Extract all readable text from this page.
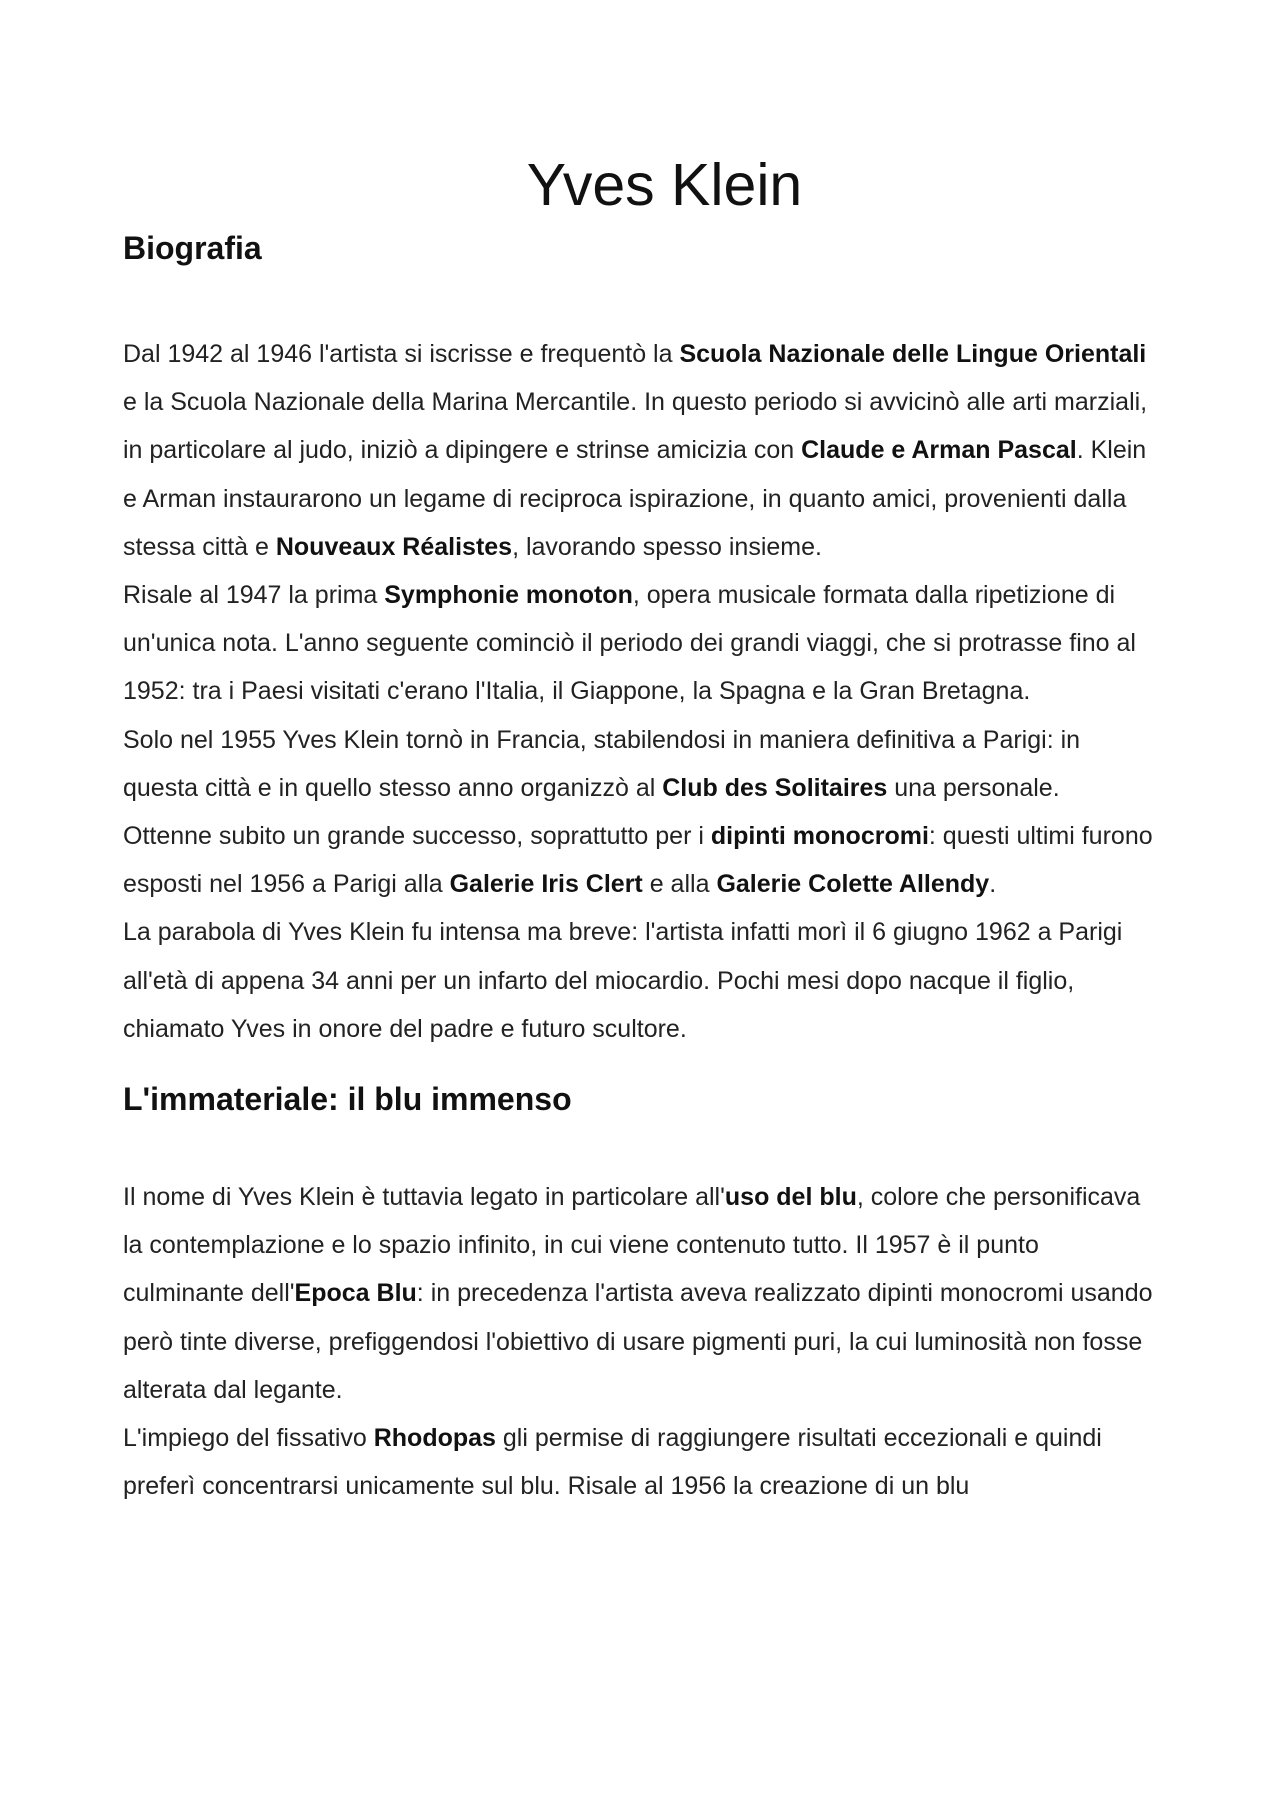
Yves Klein
Biografia

Dal 1942 al 1946 l'artista si iscrisse e frequentò la Scuola Nazionale delle Lingue Orientali e la Scuola Nazionale della Marina Mercantile. In questo periodo si avvicinò alle arti marziali, in particolare al judo, iniziò a dipingere e strinse amicizia con Claude e Arman Pascal. Klein e Arman instaurarono un legame di reciproca ispirazione, in quanto amici, provenienti dalla stessa città e Nouveaux Réalistes, lavorando spesso insieme.

Risale al 1947 la prima Symphonie monoton, opera musicale formata dalla ripetizione di un'unica nota. L'anno seguente cominciò il periodo dei grandi viaggi, che si protrasse fino al 1952: tra i Paesi visitati c'erano l'Italia, il Giappone, la Spagna e la Gran Bretagna.

Solo nel 1955 Yves Klein tornò in Francia, stabilendosi in maniera definitiva a Parigi: in questa città e in quello stesso anno organizzò al Club des Solitaires una personale.

Ottenne subito un grande successo, soprattutto per i dipinti monocromi: questi ultimi furono esposti nel 1956 a Parigi alla Galerie Iris Clert e alla Galerie Colette Allendy.

La parabola di Yves Klein fu intensa ma breve: l'artista infatti morì il 6 giugno 1962 a Parigi all'età di appena 34 anni per un infarto del miocardio. Pochi mesi dopo nacque il figlio, chiamato Yves in onore del padre e futuro scultore.

L'immateriale: il blu immenso

Il nome di Yves Klein è tuttavia legato in particolare all'uso del blu, colore che personificava la contemplazione e lo spazio infinito, in cui viene contenuto tutto. Il 1957 è il punto culminante dell'Epoca Blu: in precedenza l'artista aveva realizzato dipinti monocromi usando però tinte diverse, prefiggendosi l'obiettivo di usare pigmenti puri, la cui luminosità non fosse alterata dal legante.

L'impiego del fissativo Rhodopas gli permise di raggiungere risultati eccezionali e quindi preferì concentrarsi unicamente sul blu. Risale al 1956 la creazione di un blu
